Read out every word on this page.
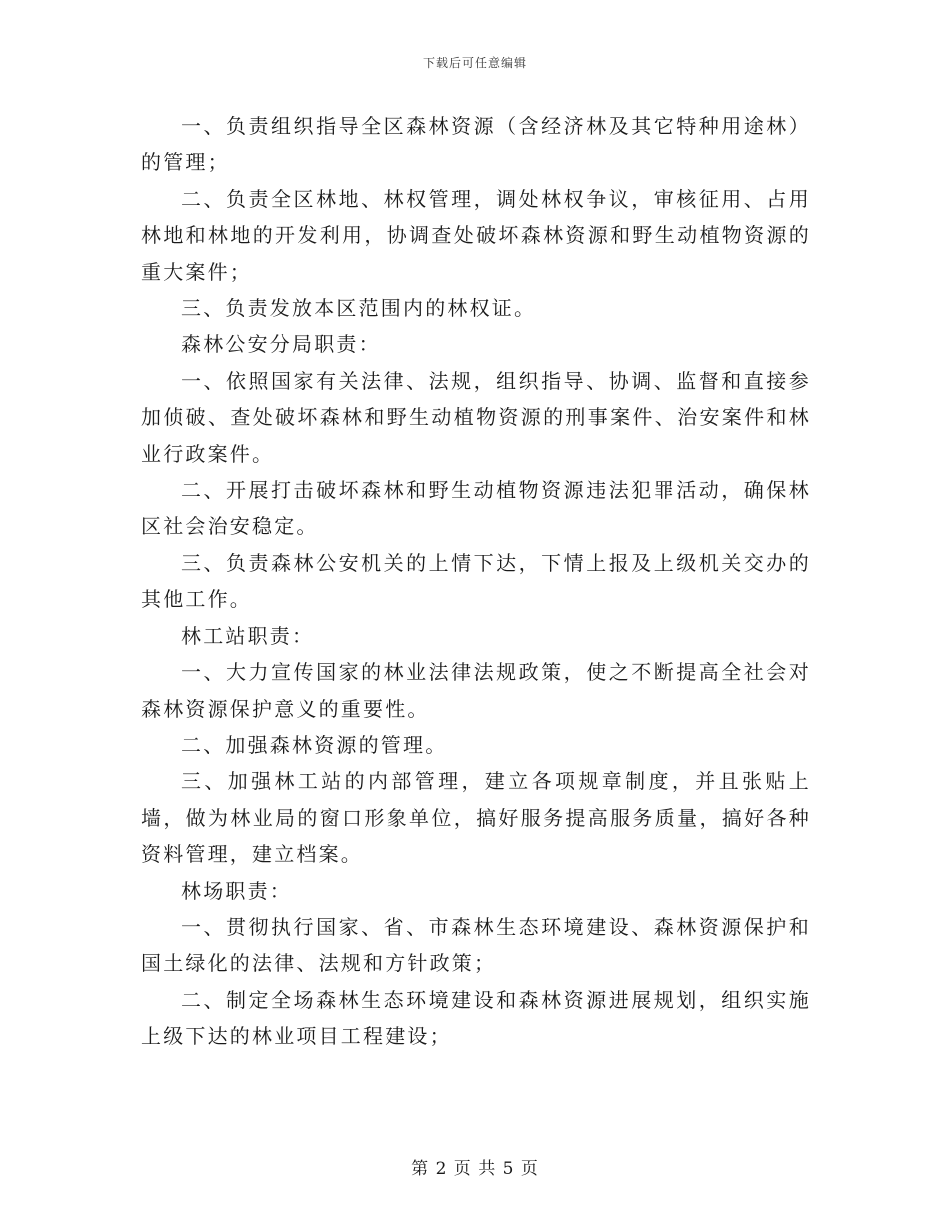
下载后可任意编辑

一、负责组织指导全区森林资源（含经济林及其它特种用途林）的管理；

二、负责全区林地、林权管理，调处林权争议，审核征用、占用林地和林地的开发利用，协调查处破坏森林资源和野生动植物资源的重大案件；

三、负责发放本区范围内的林权证。

森林公安分局职责：

一、依照国家有关法律、法规，组织指导、协调、监督和直接参加侦破、查处破坏森林和野生动植物资源的刑事案件、治安案件和林业行政案件。

二、开展打击破坏森林和野生动植物资源违法犯罪活动，确保林区社会治安稳定。

三、负责森林公安机关的上情下达，下情上报及上级机关交办的其他工作。

林工站职责：

一、大力宣传国家的林业法律法规政策，使之不断提高全社会对森林资源保护意义的重要性。

二、加强森林资源的管理。

三、加强林工站的内部管理，建立各项规章制度，并且张贴上墙，做为林业局的窗口形象单位，搞好服务提高服务质量，搞好各种资料管理，建立档案。

林场职责：

一、贯彻执行国家、省、市森林生态环境建设、森林资源保护和国土绿化的法律、法规和方针政策；

二、制定全场森林生态环境建设和森林资源进展规划，组织实施上级下达的林业项目工程建设；

第 2 页 共 5 页
